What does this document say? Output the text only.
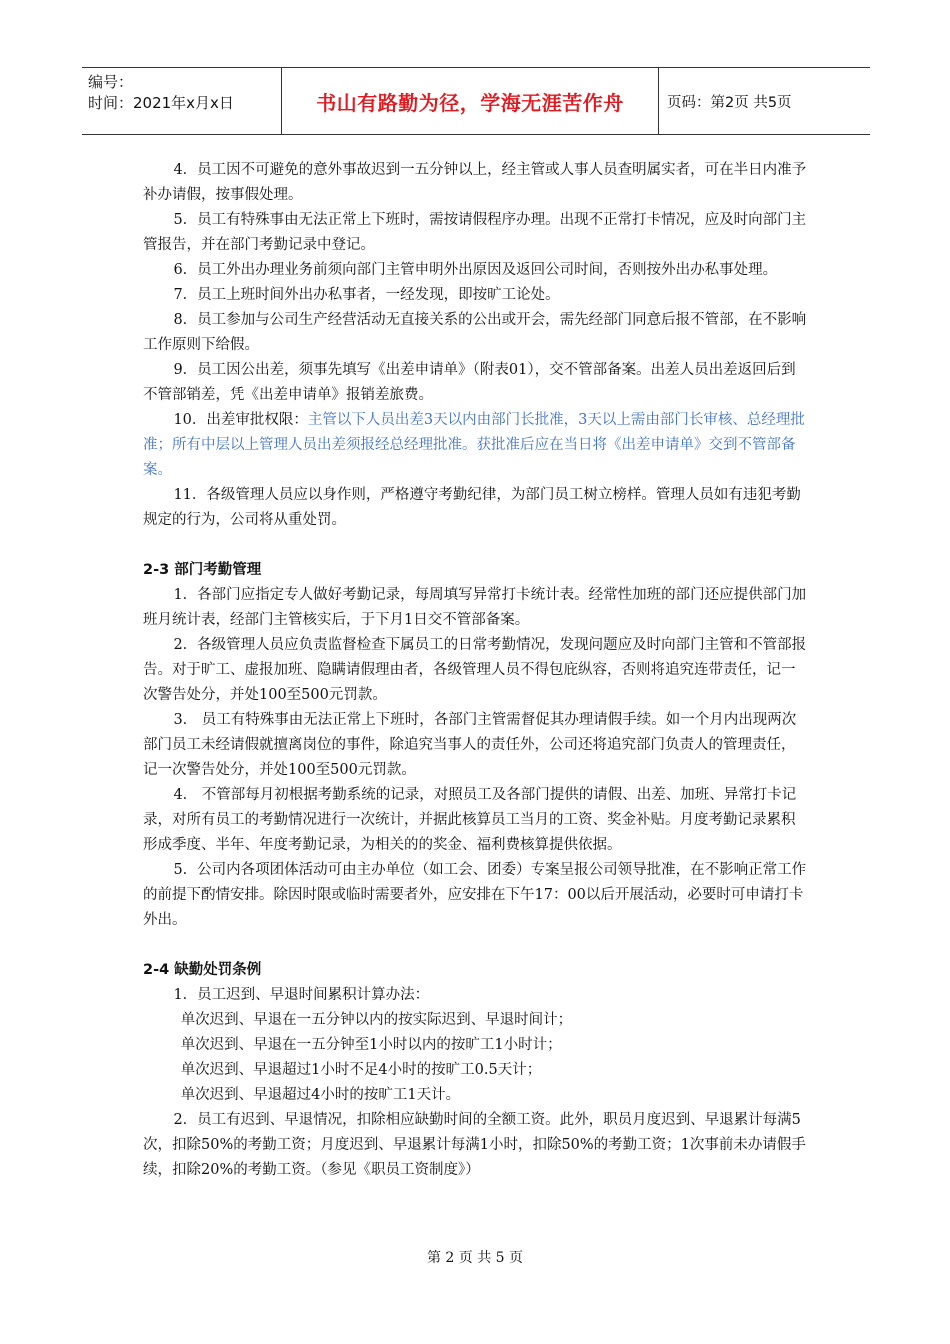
编号：
时间：2021年x月x日	书山有路勤为径，学海无涯苦作舟	页码：第2页 共5页

4．员工因不可避免的意外事故迟到一五分钟以上，经主管或人事人员查明属实者，可在半日内准予补办请假，按事假处理。

5．员工有特殊事由无法正常上下班时，需按请假程序办理。出现不正常打卡情况，应及时向部门主管报告，并在部门考勤记录中登记。

6．员工外出办理业务前须向部门主管申明外出原因及返回公司时间，否则按外出办私事处理。

7．员工上班时间外出办私事者，一经发现，即按旷工论处。

8．员工参加与公司生产经营活动无直接关系的公出或开会，需先经部门同意后报不管部，在不影响工作原则下给假。

9．员工因公出差，须事先填写《出差申请单》（附表01），交不管部备案。出差人员出差返回后到不管部销差，凭《出差申请单》报销差旅费。

10．出差审批权限：主管以下人员出差3天以内由部门长批准，3天以上需由部门长审核、总经理批准；所有中层以上管理人员出差须报经总经理批准。获批准后应在当日将《出差申请单》交到不管部备案。

11．各级管理人员应以身作则，严格遵守考勤纪律，为部门员工树立榜样。管理人员如有违犯考勤规定的行为，公司将从重处罚。

2-3 部门考勤管理

1．各部门应指定专人做好考勤记录，每周填写异常打卡统计表。经常性加班的部门还应提供部门加班月统计表，经部门主管核实后，于下月1日交不管部备案。

2．各级管理人员应负责监督检查下属员工的日常考勤情况，发现问题应及时向部门主管和不管部报告。对于旷工、虚报加班、隐瞒请假理由者，各级管理人员不得包庇纵容，否则将追究连带责任，记一次警告处分，并处100至500元罚款。

3． 员工有特殊事由无法正常上下班时，各部门主管需督促其办理请假手续。如一个月内出现两次部门员工未经请假就擅离岗位的事件，除追究当事人的责任外，公司还将追究部门负责人的管理责任，记一次警告处分，并处100至500元罚款。

4． 不管部每月初根据考勤系统的记录，对照员工及各部门提供的请假、出差、加班、异常打卡记录，对所有员工的考勤情况进行一次统计，并据此核算员工当月的工资、奖金补贴。月度考勤记录累积形成季度、半年、年度考勤记录，为相关的的奖金、福利费核算提供依据。

5．公司内各项团体活动可由主办单位（如工会、团委）专案呈报公司领导批准，在不影响正常工作的前提下酌情安排。除因时限或临时需要者外，应安排在下午17：00以后开展活动，必要时可申请打卡外出。

2-4 缺勤处罚条例

1．员工迟到、早退时间累积计算办法：

单次迟到、早退在一五分钟以内的按实际迟到、早退时间计；

单次迟到、早退在一五分钟至1小时以内的按旷工1小时计；

单次迟到、早退超过1小时不足4小时的按旷工0.5天计；

单次迟到、早退超过4小时的按旷工1天计。

2．员工有迟到、早退情况，扣除相应缺勤时间的全额工资。此外，职员月度迟到、早退累计每满5次，扣除50%的考勤工资；月度迟到、早退累计每满1小时，扣除50%的考勤工资；1次事前未办请假手续，扣除20%的考勤工资。（参见《职员工资制度》）

第 2 页 共 5 页
